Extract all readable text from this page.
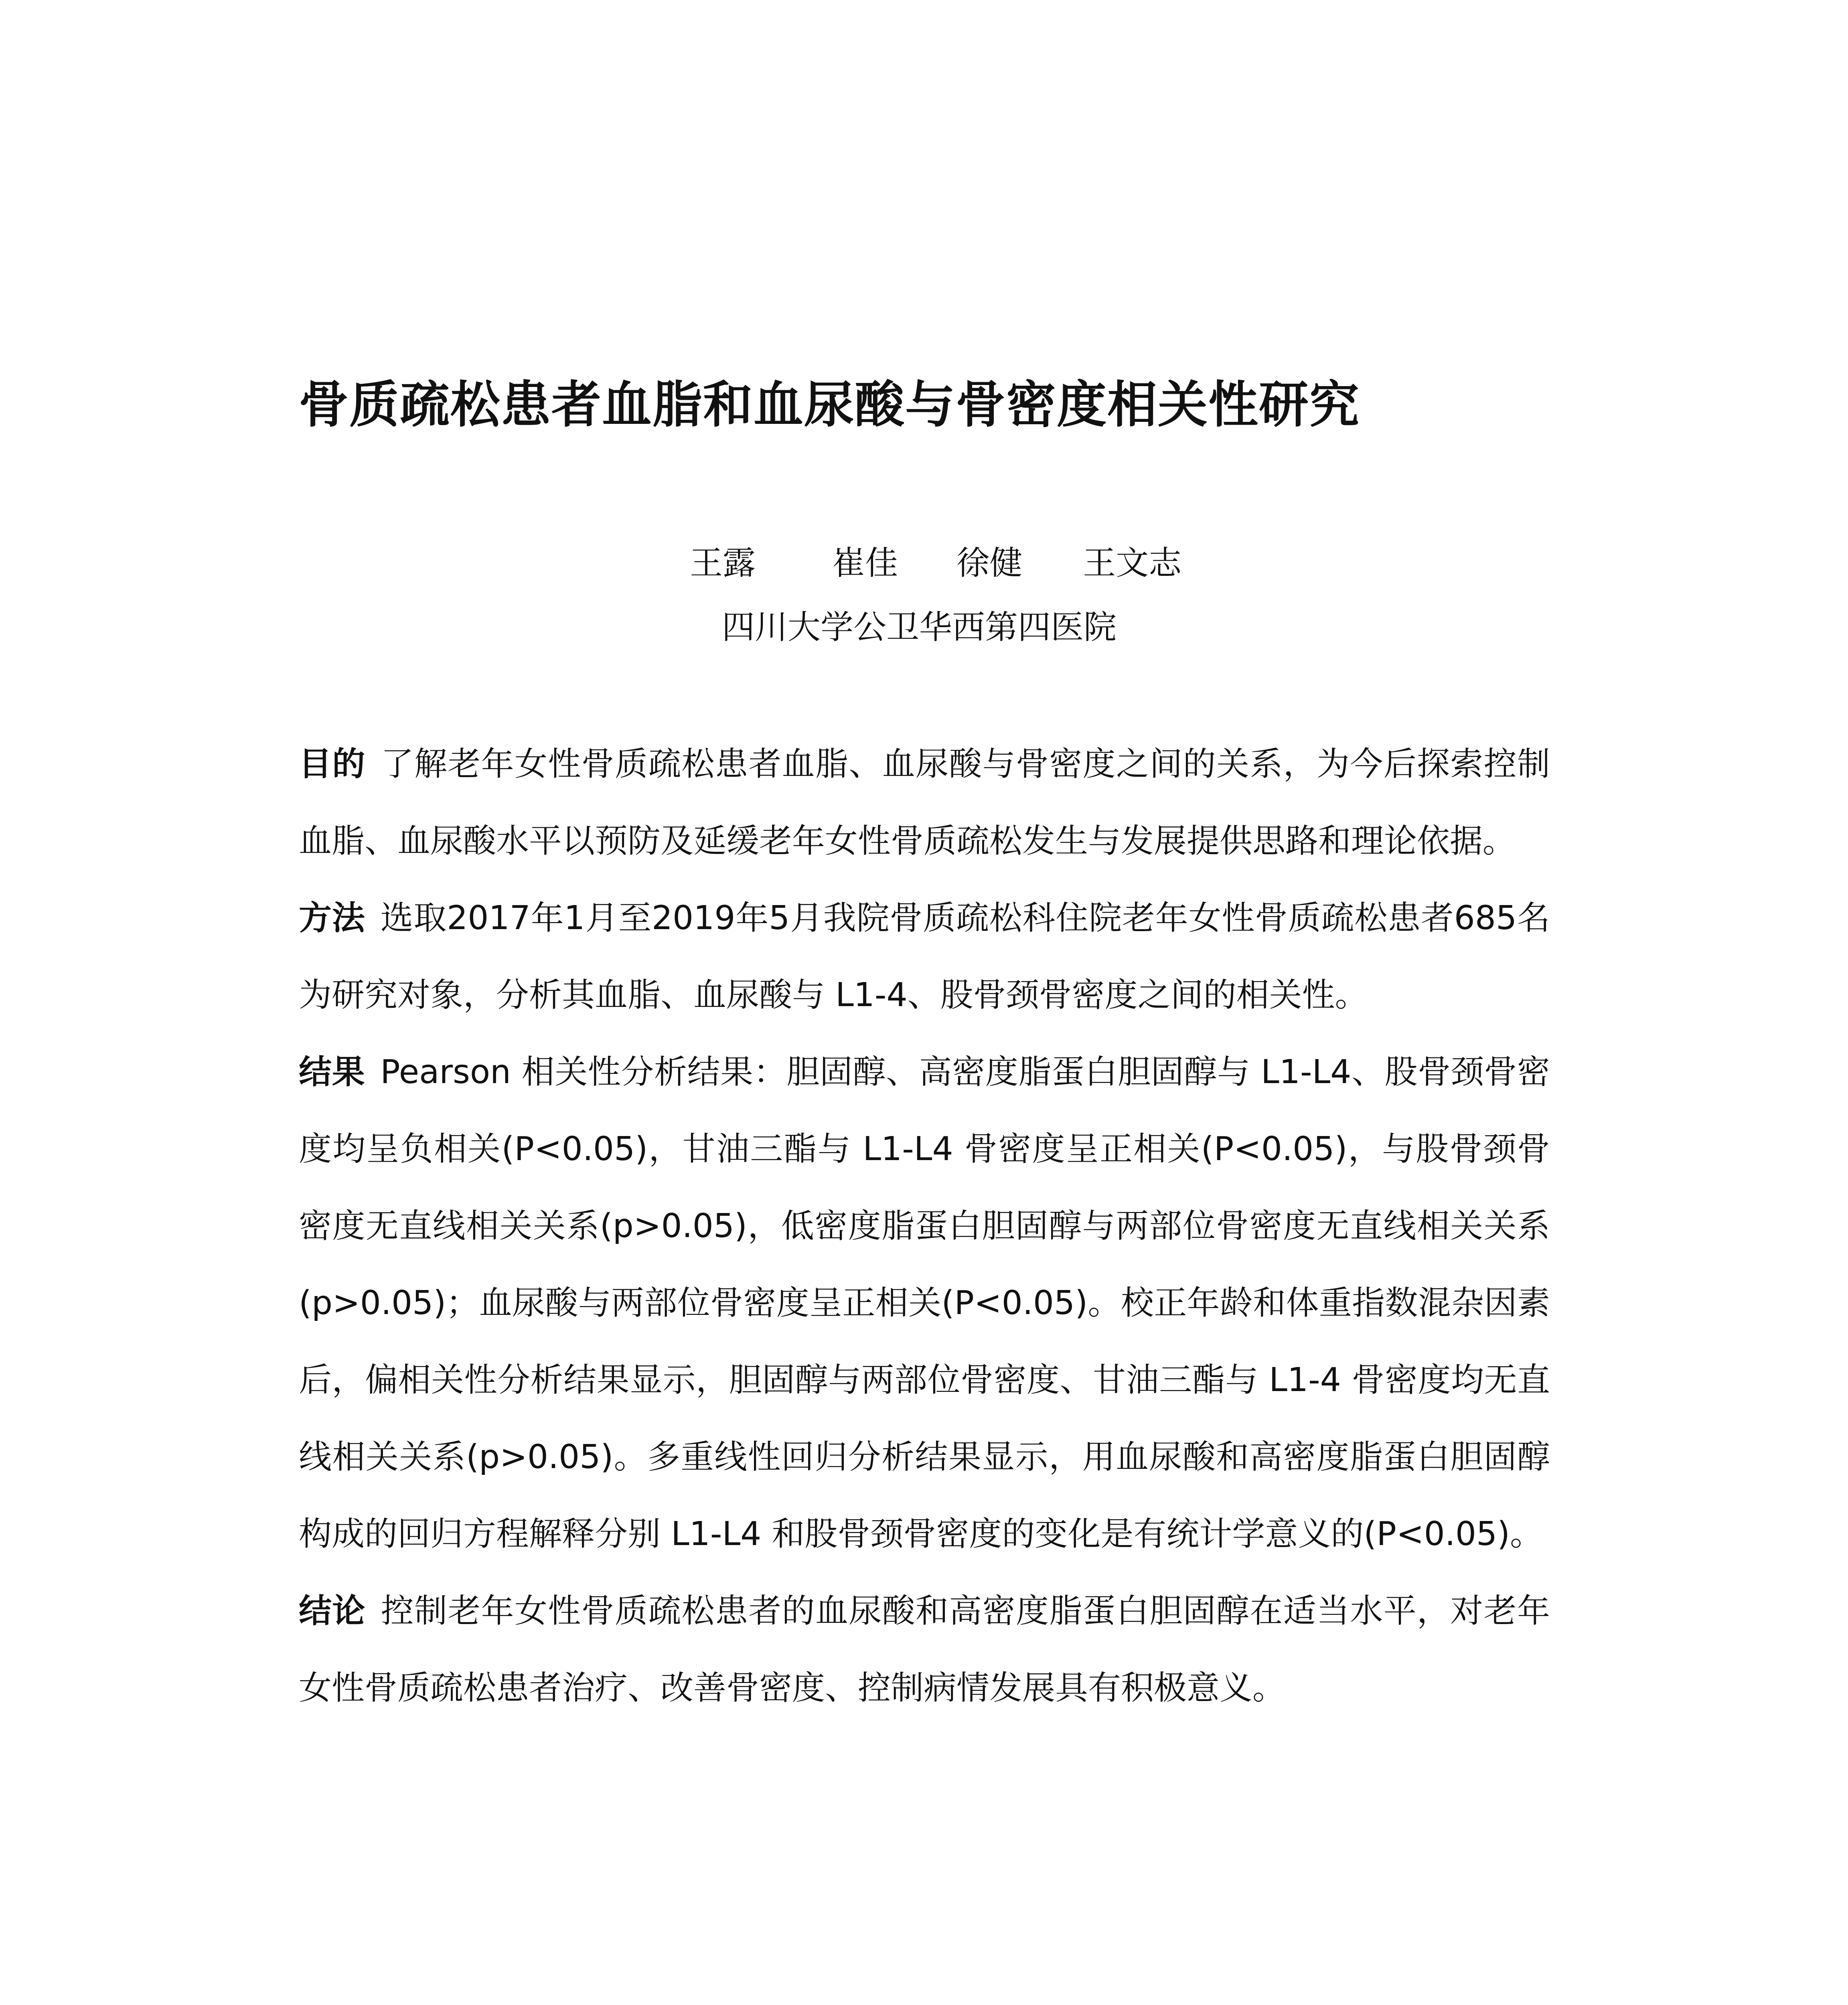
骨质疏松患者血脂和血尿酸与骨密度相关性研究
王露 崔佳 徐健 王文志
四川大学公卫华西第四医院

目的 了解老年女性骨质疏松患者血脂、血尿酸与骨密度之间的关系，为今后探索控制血脂、血尿酸水平以预防及延缓老年女性骨质疏松发生与发展提供思路和理论依据。

方法 选取2017年1月至2019年5月我院骨质疏松科住院老年女性骨质疏松患者685名为研究对象，分析其血脂、血尿酸与 L1-4、股骨颈骨密度之间的相关性。

结果 Pearson 相关性分析结果：胆固醇、高密度脂蛋白胆固醇与 L1-L4、股骨颈骨密度均呈负相关(P<0.05)，甘油三酯与 L1-L4 骨密度呈正相关(P<0.05)，与股骨颈骨密度无直线相关关系(p>0.05)，低密度脂蛋白胆固醇与两部位骨密度无直线相关关系(p>0.05)；血尿酸与两部位骨密度呈正相关(P<0.05)。校正年龄和体重指数混杂因素后，偏相关性分析结果显示，胆固醇与两部位骨密度、甘油三酯与 L1-4 骨密度均无直线相关关系(p>0.05)。多重线性回归分析结果显示，用血尿酸和高密度脂蛋白胆固醇构成的回归方程解释分别 L1-L4 和股骨颈骨密度的变化是有统计学意义的(P<0.05)。

结论 控制老年女性骨质疏松患者的血尿酸和高密度脂蛋白胆固醇在适当水平，对老年女性骨质疏松患者治疗、改善骨密度、控制病情发展具有积极意义。
